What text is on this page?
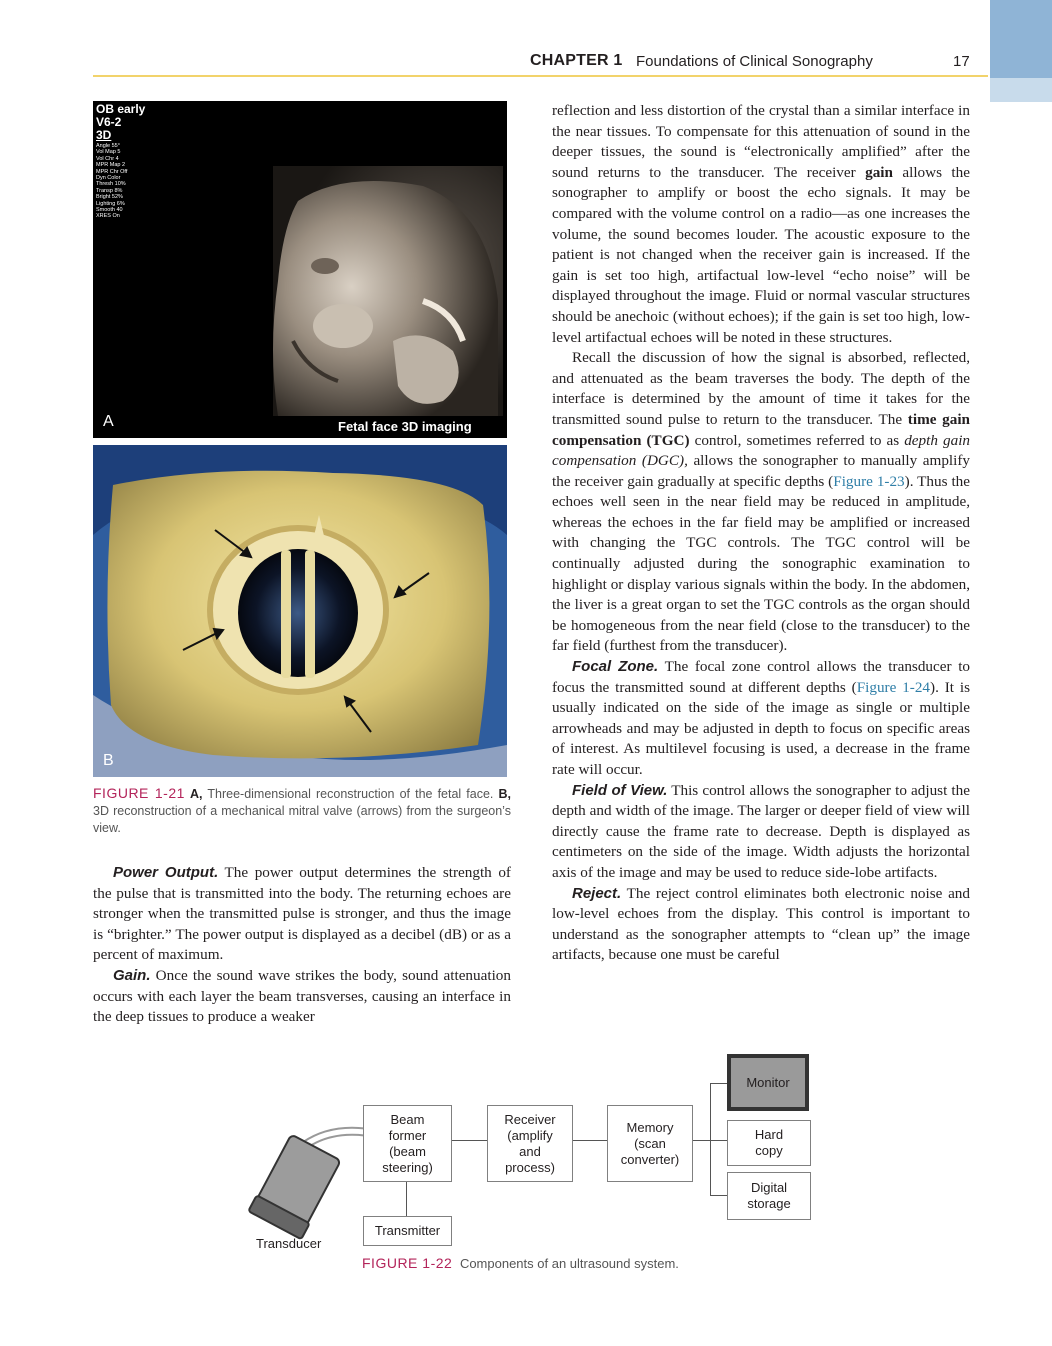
CHAPTER 1 Foundations of Clinical Sonography	17
OB early
V6-2
3D
Angle 55°
Vol Map 5
Vol Chr 4
MPR Map 2
MPR Chr Off
Dyn Color
Thresh 10%
Transp 8%
Bright 52%
Lighting 6%
Smooth 40
XRES On
A	Fetal face 3D imaging
B
FIGURE 1-21 A, Three-dimensional reconstruction of the fetal face. B, 3D reconstruction of a mechanical mitral valve (arrows) from the surgeon’s view.

Power Output. The power output determines the strength of the pulse that is transmitted into the body. The returning echoes are stronger when the transmitted pulse is stronger, and thus the image is “brighter.” The power output is displayed as a decibel (dB) or as a percent of maximum.

Gain. Once the sound wave strikes the body, sound attenuation occurs with each layer the beam transverses, causing an interface in the deep tissues to produce a weaker

reflection and less distortion of the crystal than a similar interface in the near tissues. To compensate for this attenuation of sound in the deeper tissues, the sound is “electronically amplified” after the sound returns to the transducer. The receiver gain allows the sonographer to amplify or boost the echo signals. It may be compared with the volume control on a radio—as one increases the volume, the sound becomes louder. The acoustic exposure to the patient is not changed when the receiver gain is increased. If the gain is set too high, artifactual low-level “echo noise” will be displayed throughout the image. Fluid or normal vascular structures should be anechoic (without echoes); if the gain is set too high, low-level artifactual echoes will be noted in these structures.

Recall the discussion of how the signal is absorbed, reflected, and attenuated as the beam traverses the body. The depth of the interface is determined by the amount of time it takes for the transmitted sound pulse to return to the transducer. The time gain compensation (TGC) control, sometimes referred to as depth gain compensation (DGC), allows the sonographer to manually amplify the receiver gain gradually at specific depths (Figure 1-23). Thus the echoes well seen in the near field may be reduced in amplitude, whereas the echoes in the far field may be amplified or increased with changing the TGC controls. The TGC control will be continually adjusted during the sonographic examination to highlight or display various signals within the body. In the abdomen, the liver is a great organ to set the TGC controls as the organ should be homogeneous from the near field (close to the transducer) to the far field (furthest from the transducer).

Focal Zone. The focal zone control allows the transducer to focus the transmitted sound at different depths (Figure 1-24). It is usually indicated on the side of the image as single or multiple arrowheads and may be adjusted in depth to focus on specific areas of interest. As multilevel focusing is used, a decrease in the frame rate will occur.

Field of View. This control allows the sonographer to adjust the depth and width of the image. The larger or deeper field of view will directly cause the frame rate to decrease. Depth is displayed as centimeters on the side of the image. Width adjusts the horizontal axis of the image and may be used to reduce side-lobe artifacts.

Reject. The reject control eliminates both electronic noise and low-level echoes from the display. This control is important to understand as the sonographer attempts to “clean up” the image artifacts, because one must be careful

Transducer
Beam
former
(beam
steering)
Receiver
(amplify
and
process)
Memory
(scan
converter)
Transmitter
Monitor
Hard
copy
Digital
storage
FIGURE 1-22 Components of an ultrasound system.
